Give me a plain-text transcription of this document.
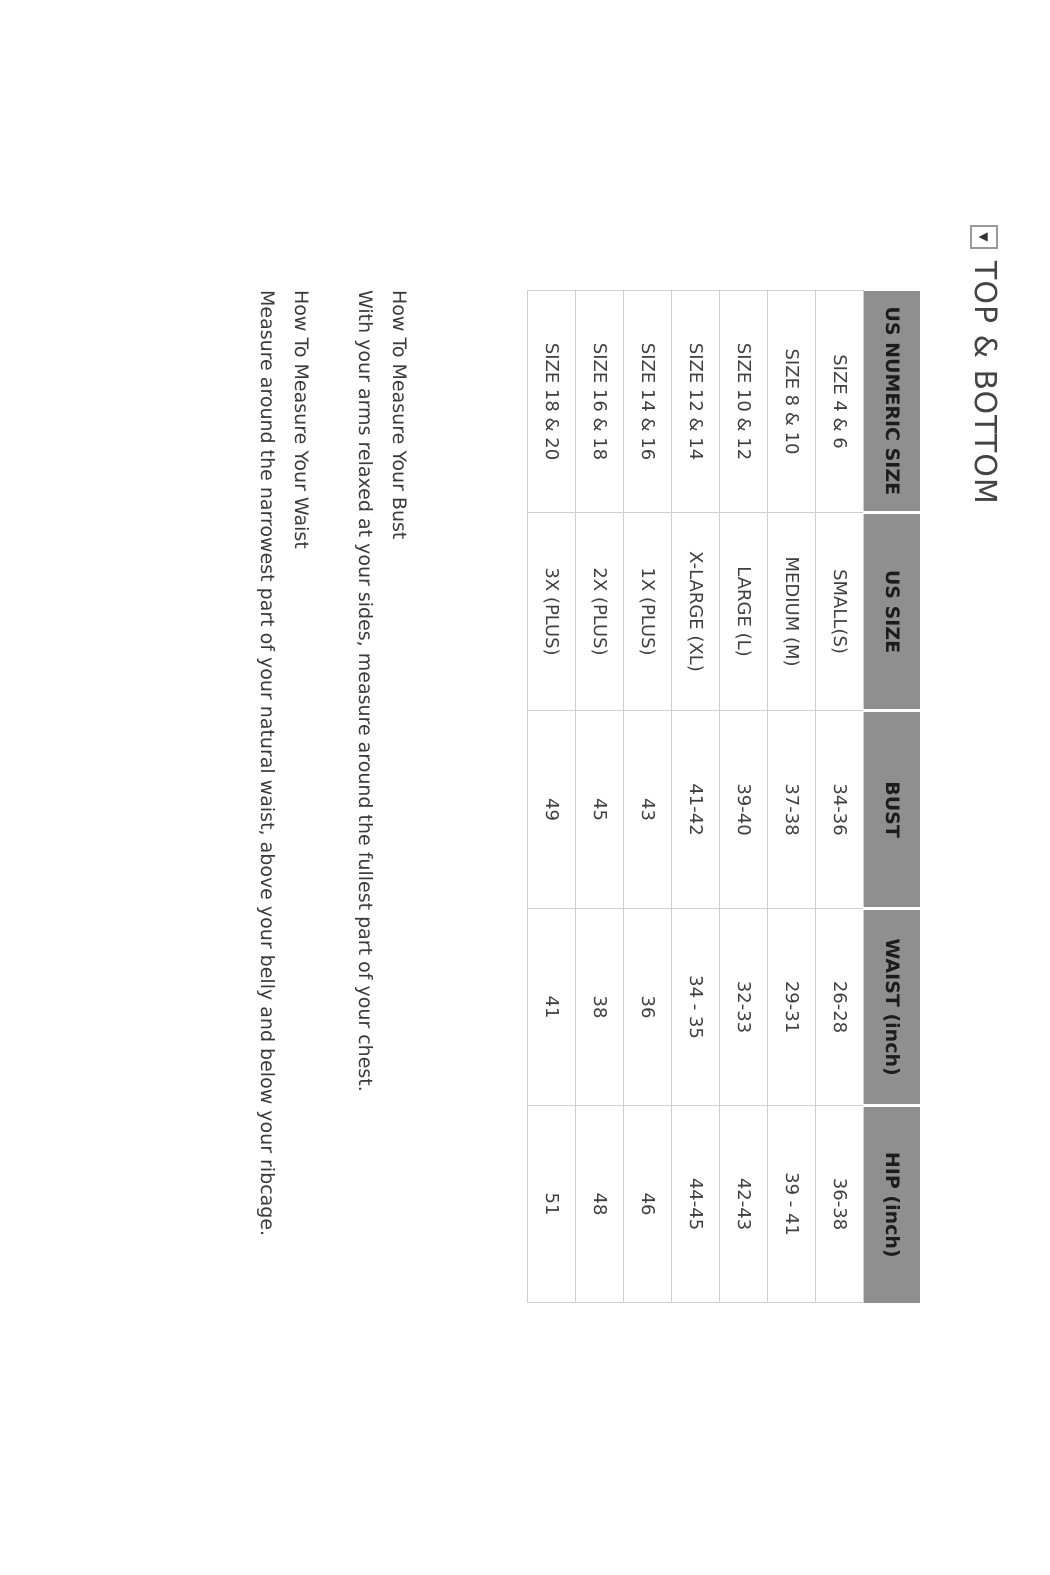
▼
TOP & BOTTOM
US NUMERIC SIZE	US SIZE	BUST	WAIST (inch)	HIP (inch)
SIZE 4 & 6	SMALL(S)	34-36	26-28	36-38
SIZE 8 & 10	MEDIUM (M)	37-38	29-31	39 - 41
SIZE 10 & 12	LARGE (L)	39-40	32-33	42-43
SIZE 12 & 14	X-LARGE (XL)	41-42	34 - 35	44-45
SIZE 14 & 16	1X (PLUS)	43	36	46
SIZE 16 & 18	2X (PLUS)	45	38	48
SIZE 18 & 20	3X (PLUS)	49	41	51
How To Measure Your Bust
With your arms relaxed at your sides, measure around the fullest part of your chest.
How To Measure Your Waist
Measure around the narrowest part of your natural waist, above your belly and below your ribcage.
